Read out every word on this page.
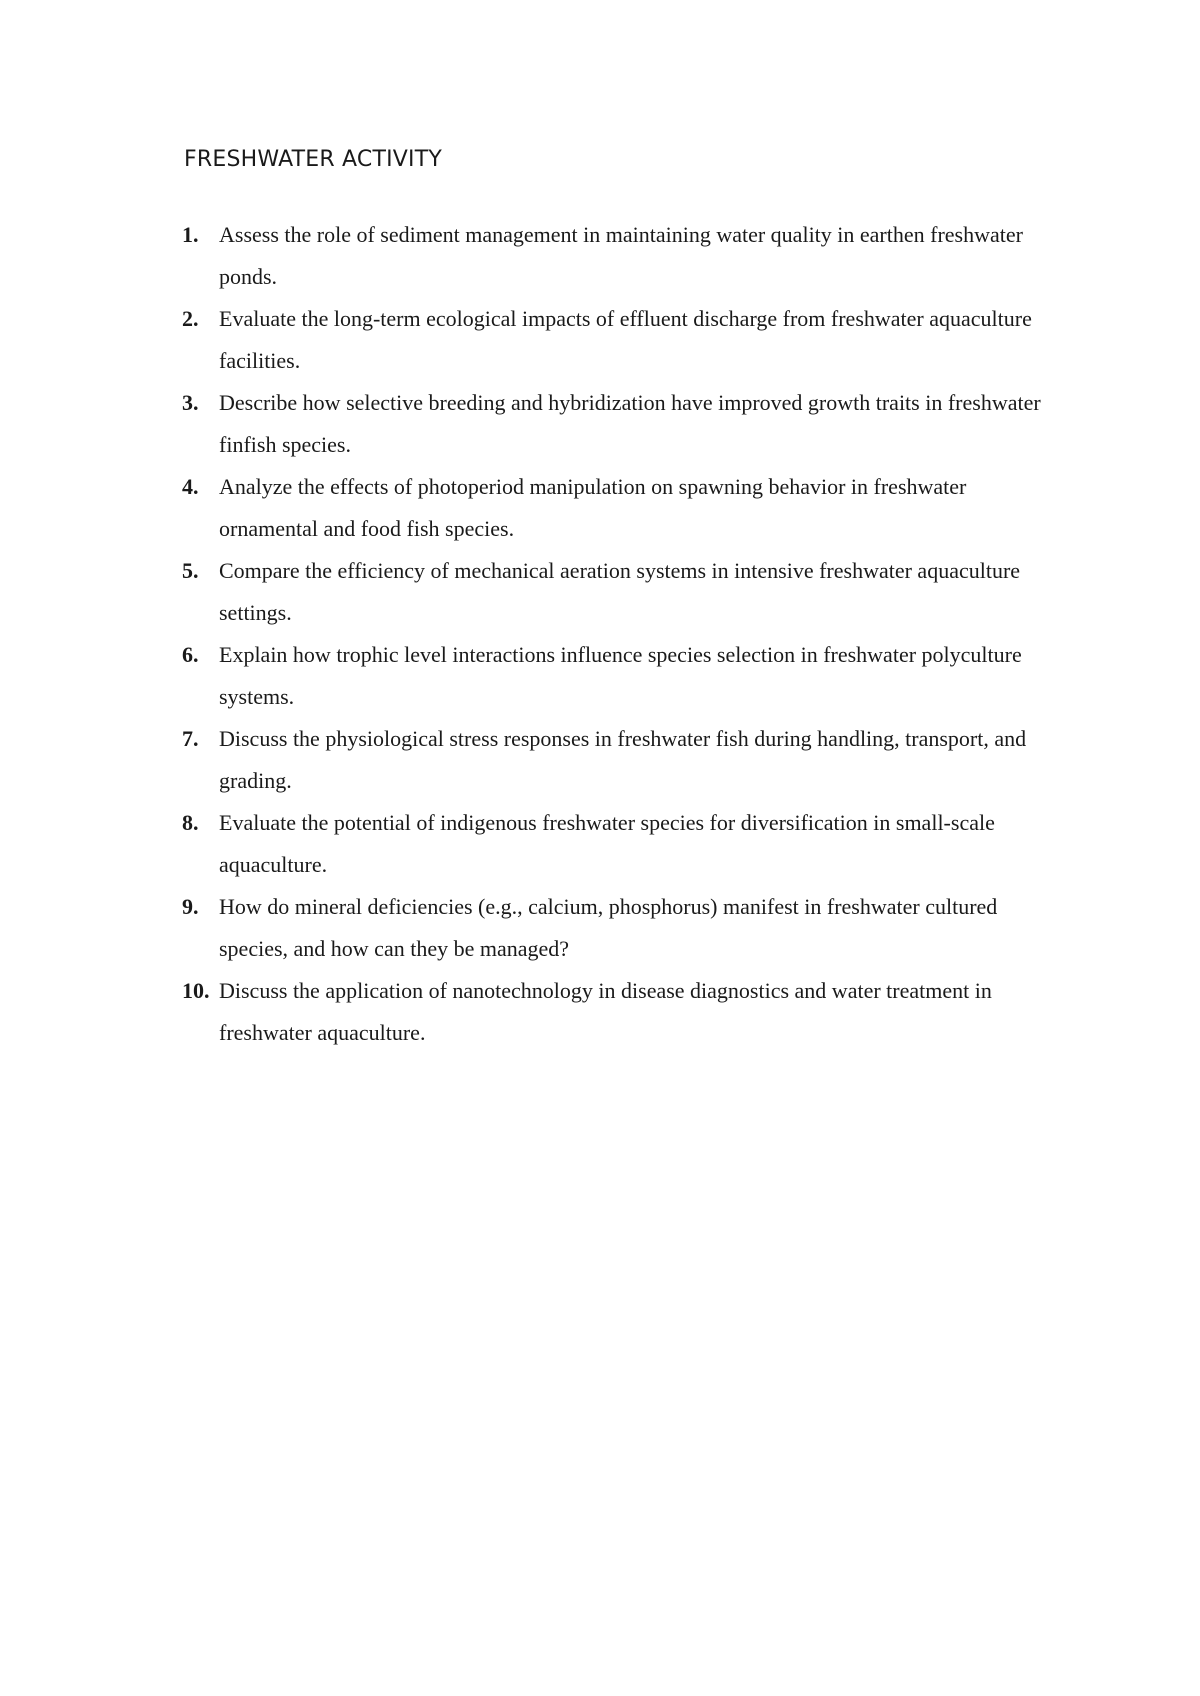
FRESHWATER ACTIVITY
1. Assess the role of sediment management in maintaining water quality in earthen freshwater ponds.
2. Evaluate the long-term ecological impacts of effluent discharge from freshwater aquaculture facilities.
3. Describe how selective breeding and hybridization have improved growth traits in freshwater finfish species.
4. Analyze the effects of photoperiod manipulation on spawning behavior in freshwater ornamental and food fish species.
5. Compare the efficiency of mechanical aeration systems in intensive freshwater aquaculture settings.
6. Explain how trophic level interactions influence species selection in freshwater polyculture systems.
7. Discuss the physiological stress responses in freshwater fish during handling, transport, and grading.
8. Evaluate the potential of indigenous freshwater species for diversification in small-scale aquaculture.
9. How do mineral deficiencies (e.g., calcium, phosphorus) manifest in freshwater cultured species, and how can they be managed?
10. Discuss the application of nanotechnology in disease diagnostics and water treatment in freshwater aquaculture.
